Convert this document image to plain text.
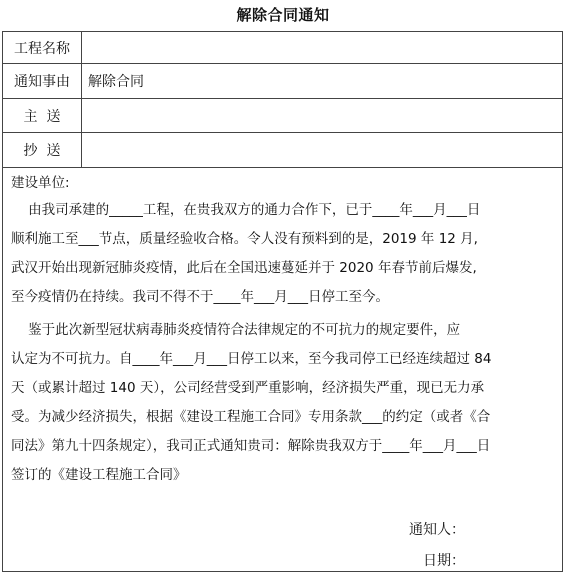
解除合同通知
工程名称
通知事由	解除合同
主  送
抄  送
建设单位:
由我司承建的_____工程，在贵我双方的通力合作下，已于____年___月___日
顺利施工至___节点，质量经验收合格。令人没有预料到的是，2019 年 12 月,
武汉开始出现新冠肺炎疫情，此后在全国迅速蔓延并于 2020 年春节前后爆发,
至今疫情仍在持续。我司不得不于____年___月___日停工至今。
鉴于此次新型冠状病毒肺炎疫情符合法律规定的不可抗力的规定要件，应
认定为不可抗力。自____年___月___日停工以来，至今我司停工已经连续超过 84
天（或累计超过 140 天），公司经营受到严重影响，经济损失严重，现已无力承
受。为减少经济损失，根据《建设工程施工合同》专用条款___的约定（或者《合
同法》第九十四条规定），我司正式通知贵司：解除贵我双方于____年___月___日
签订的《建设工程施工合同》
通知人：
日期：
